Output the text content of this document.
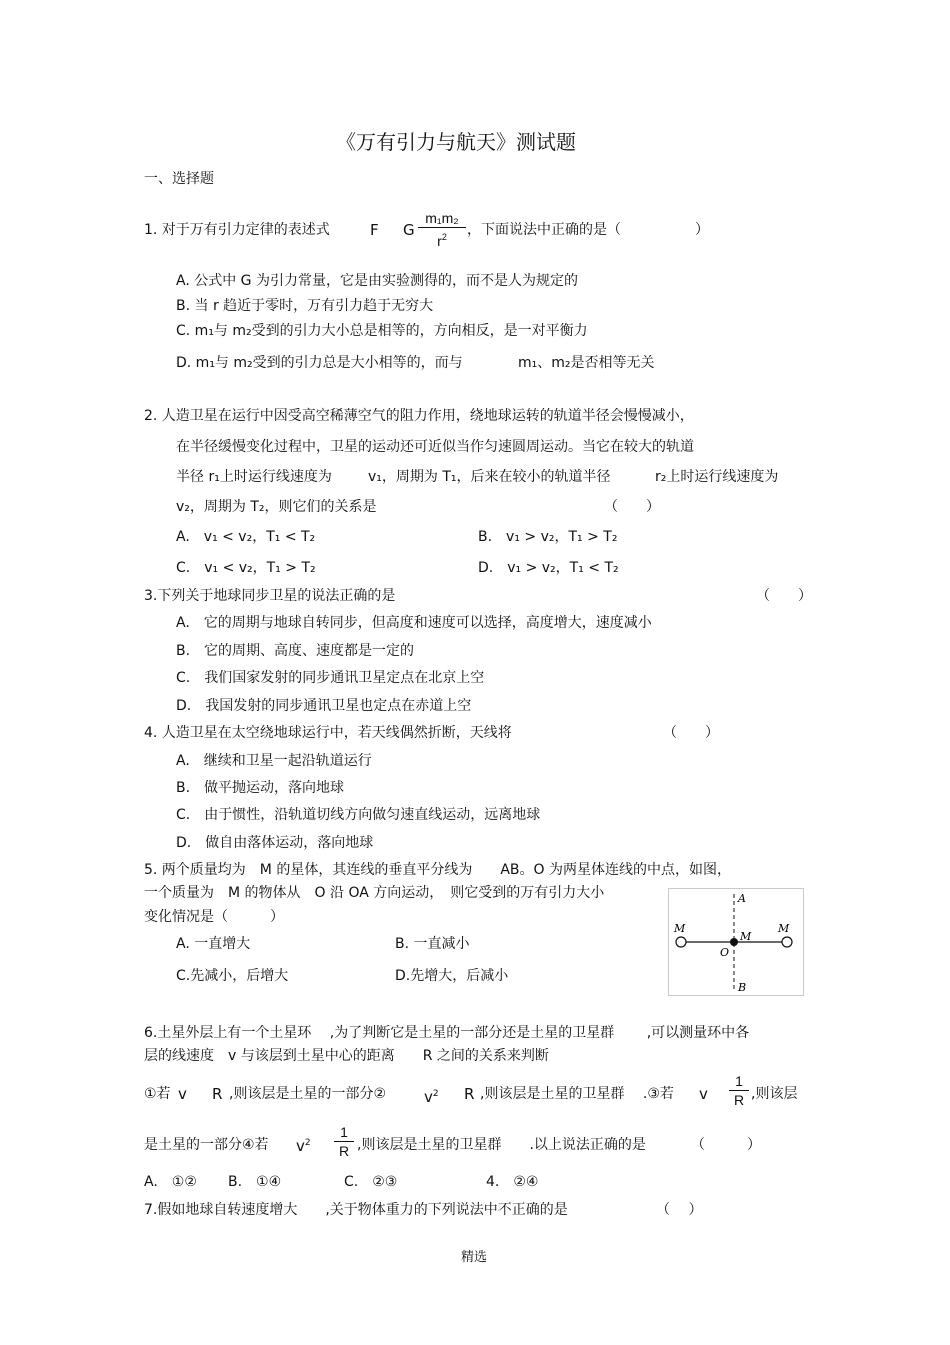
《万有引力与航天》测试题
一、选择题
1. 对于万有引力定律的表述式	F G
m₁m₂
$r^2$	，下面说法中正确的是（	）
A. 公式中 G 为引力常量，它是由实验测得的，而不是人为规定的
B. 当 r 趋近于零时，万有引力趋于无穷大
C. m₁与 m₂受到的引力大小总是相等的，方向相反，是一对平衡力
D. m₁与 m₂受到的引力总是大小相等的，而与	m₁、m₂是否相等无关
2. 人造卫星在运行中因受高空稀薄空气的阻力作用，绕地球运转的轨道半径会慢慢减小，
在半径缓慢变化过程中，卫星的运动还可近似当作匀速圆周运动。当它在较大的轨道
半径 r₁上时运行线速度为	v₁，周期为 T₁，后来在较小的轨道半径	r₂上时运行线速度为
v₂，周期为 T₂，则它们的关系是	（　　）
A.　v₁ < v₂，T₁ < T₂	B.　v₁ > v₂，T₁ > T₂
C.　v₁ < v₂，T₁ > T₂	D.　v₁ > v₂，T₁ < T₂
3.下列关于地球同步卫星的说法正确的是	（　　）
A.　它的周期与地球自转同步，但高度和速度可以选择，高度增大，速度减小
B.　它的周期、高度、速度都是一定的
C.　我们国家发射的同步通讯卫星定点在北京上空
D.　我国发射的同步通讯卫星也定点在赤道上空
4. 人造卫星在太空绕地球运行中，若天线偶然折断，天线将	（　　）
A.　继续和卫星一起沿轨道运行
B.　做平抛运动，落向地球
C.　由于惯性，沿轨道切线方向做匀速直线运动，远离地球
D.　做自由落体运动，落向地球
5. 两个质量均为　M 的星体，其连线的垂直平分线为　　AB。O 为两星体连线的中点，如图，
一个质量为　M 的物体从　O 沿 OA 方向运动，　则它受到的万有引力大小
变化情况是（　　　）
A. 一直增大	B. 一直减小
C.先减小，后增大	D.先增大，后减小
A
B
O
M
M
M
6.土星外层上有一个土星环　 ,为了判断它是土星的一部分还是土星的卫星群　　 ,可以测量环中各
层的线速度　v 与该层到土星中心的距离　　R 之间的关系来判断
①若 v R ,则该层是土星的一部分②	$v^2$ R ,则该层是土星的卫星群　 .③若 v
1
R ,则该层
是土星的一部分④若 $v^2$
1
R ,则该层是土星的卫星群　　.以上说法正确的是	（　　　）
A.　①② B.　①④	C.　②③	4.　②④
7.假如地球自转速度增大　　,关于物体重力的下列说法中不正确的是	（　 ）
精选
